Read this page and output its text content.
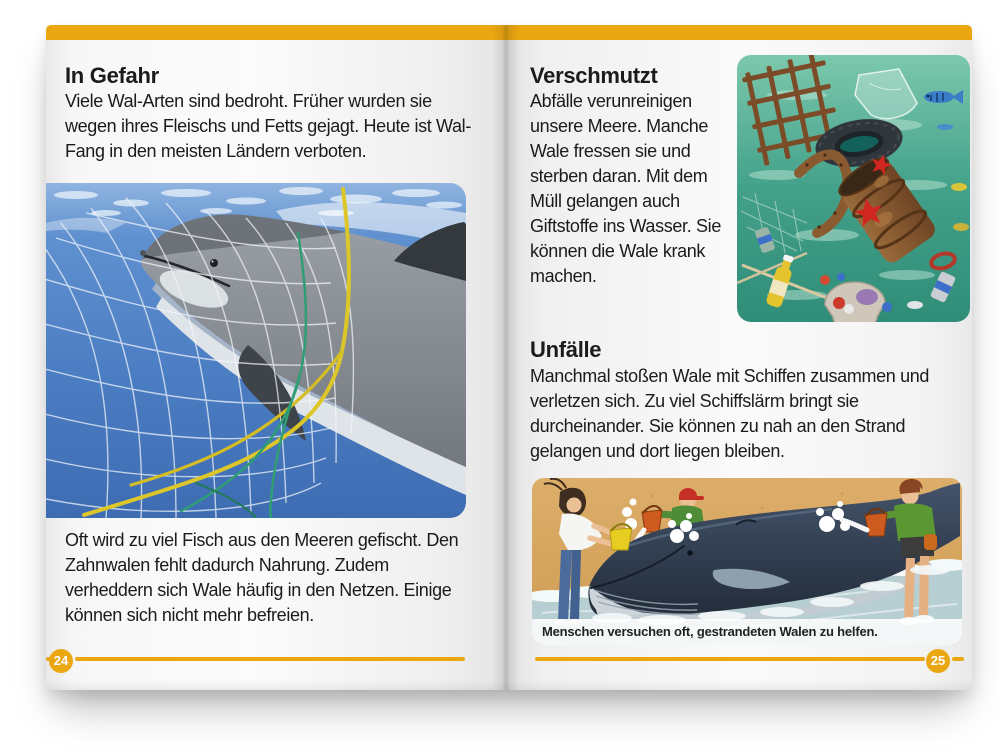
In Gefahr

Viele Wal-Arten sind bedroht. Früher wurden sie wegen ihres Fleischs und Fetts gejagt. Heute ist Wal-Fang in den meisten Ländern verboten.

Oft wird zu viel Fisch aus den Meeren gefischt. Den Zahnwalen fehlt dadurch Nahrung. Zudem verheddern sich Wale häufig in den Netzen. Einige können sich nicht mehr befreien.

24
Verschmutzt

Abfälle verunreinigen unsere Meere. Manche Wale fressen sie und sterben daran. Mit dem Müll gelangen auch Giftstoffe ins Wasser. Sie können die Wale krank machen.

Unfälle

Manchmal stoßen Wale mit Schiffen zusammen und verletzen sich. Zu viel Schiffslärm bringt sie durcheinander. Sie können zu nah an den Strand gelangen und dort liegen bleiben.

Menschen versuchen oft, gestrandeten Walen zu helfen.
25
